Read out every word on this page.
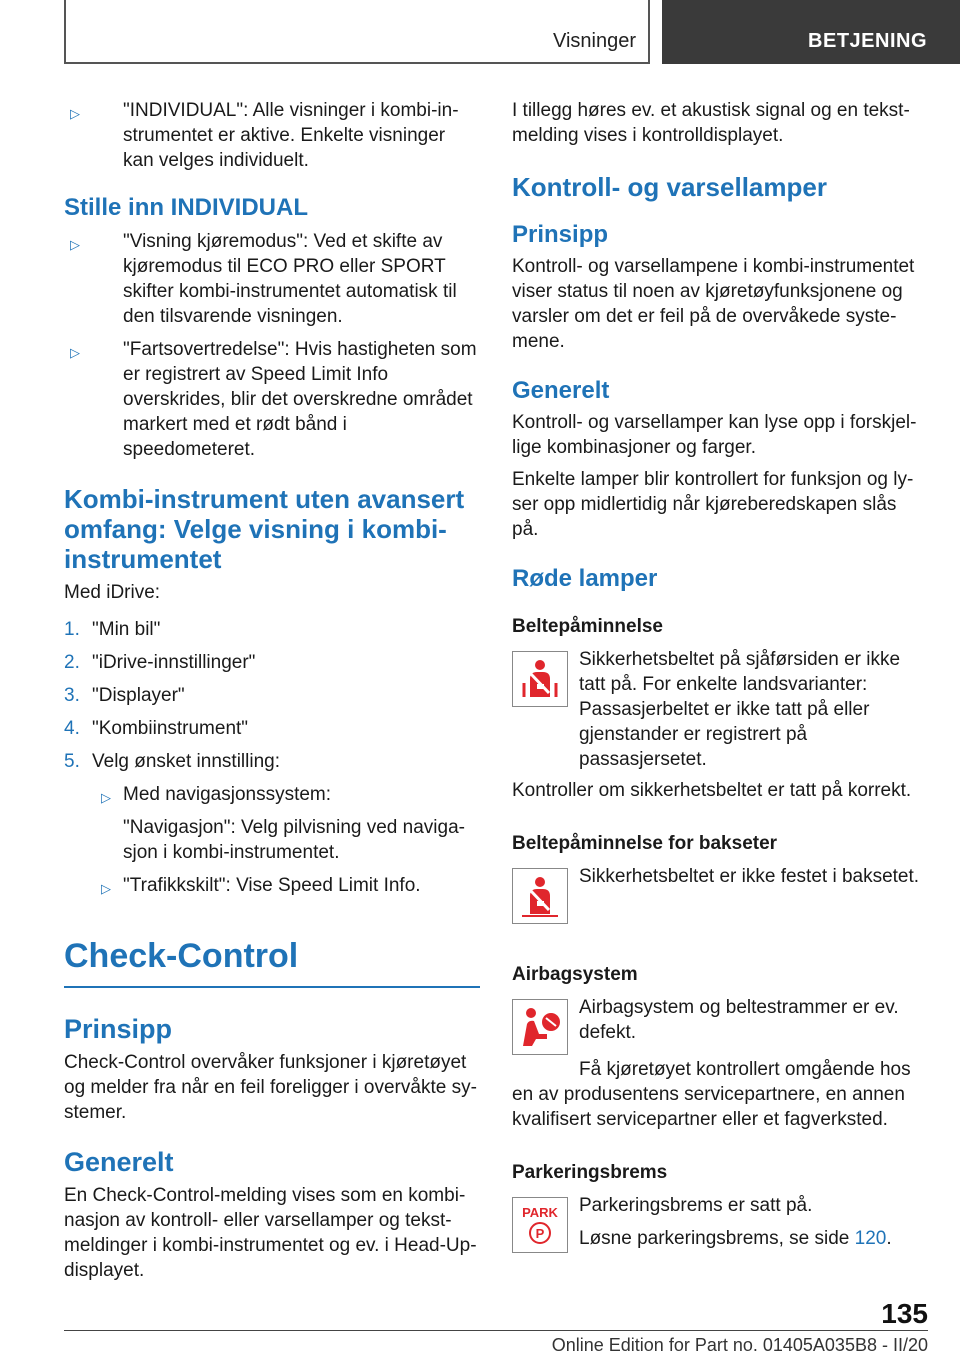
Visninger	BETJENING

▷ "INDIVIDUAL": Alle visninger i kombi-instrumentet er aktive. Enkelte visninger kan velges individuelt.

Stille inn INDIVIDUAL

▷ "Visning kjøremodus": Ved et skifte av kjøremodus til ECO PRO eller SPORT skifter kombi-instrumentet automatisk til den tilsvarende visningen.

▷ "Fartsovertredelse": Hvis hastigheten som er registrert av Speed Limit Info overskrides, blir det overskredne området markert med et rødt bånd i speedometeret.

Kombi-instrument uten avansert omfang: Velge visning i kombiinstrumentet

Med iDrive:

1. "Min bil"

2. "iDrive-innstillinger"

3. "Displayer"

4. "Kombiinstrument"

5. Velg ønsket innstilling:

▷ Med navigasjonssystem:

"Navigasjon": Velg pilvisning ved navigasjon i kombi-instrumentet.

▷ "Trafikkskilt": Vise Speed Limit Info.

Check-Control
Prinsipp

Check-Control overvåker funksjoner i kjøretøyet og melder fra når en feil foreligger i overvåkte systemer.

Generelt

En Check-Control-melding vises som en kombinasjon av kontroll- eller varsellamper og tekstmeldinger i kombi-instrumentet og ev. i Head-Up-displayet.

I tillegg høres ev. et akustisk signal og en tekstmelding vises i kontrolldisplayet.

Kontroll- og varsellamper
Prinsipp

Kontroll- og varsellampene i kombi-instrumentet viser status til noen av kjøretøyfunksjonene og varsler om det er feil på de overvåkede systemene.

Generelt

Kontroll- og varsellamper kan lyse opp i forskjellige kombinasjoner og farger.

Enkelte lamper blir kontrollert for funksjon og lyser opp midlertidig når kjøreberedskapen slås på.

Røde lamper
Beltepåminnelse

Sikkerhetsbeltet på sjåførsiden er ikke tatt på. For enkelte landsvarianter: Passasjerbeltet er ikke tatt på eller gjenstander er registrert på passasjersetet.

Kontroller om sikkerhetsbeltet er tatt på korrekt.

Beltepåminnelse for bakseter

Sikkerhetsbeltet er ikke festet i baksetet.

Airbagsystem

Airbagsystem og beltestrammer er ev. defekt.

Få kjøretøyet kontrollert omgående hos en av produsentens servicepartnere, en annen kvalifisert servicepartner eller et fagverksted.

Parkeringsbrems
PARK
P

Parkeringsbrems er satt på.

Løsne parkeringsbrems, se side 120.

135
Online Edition for Part no. 01405A035B8 - II/20
